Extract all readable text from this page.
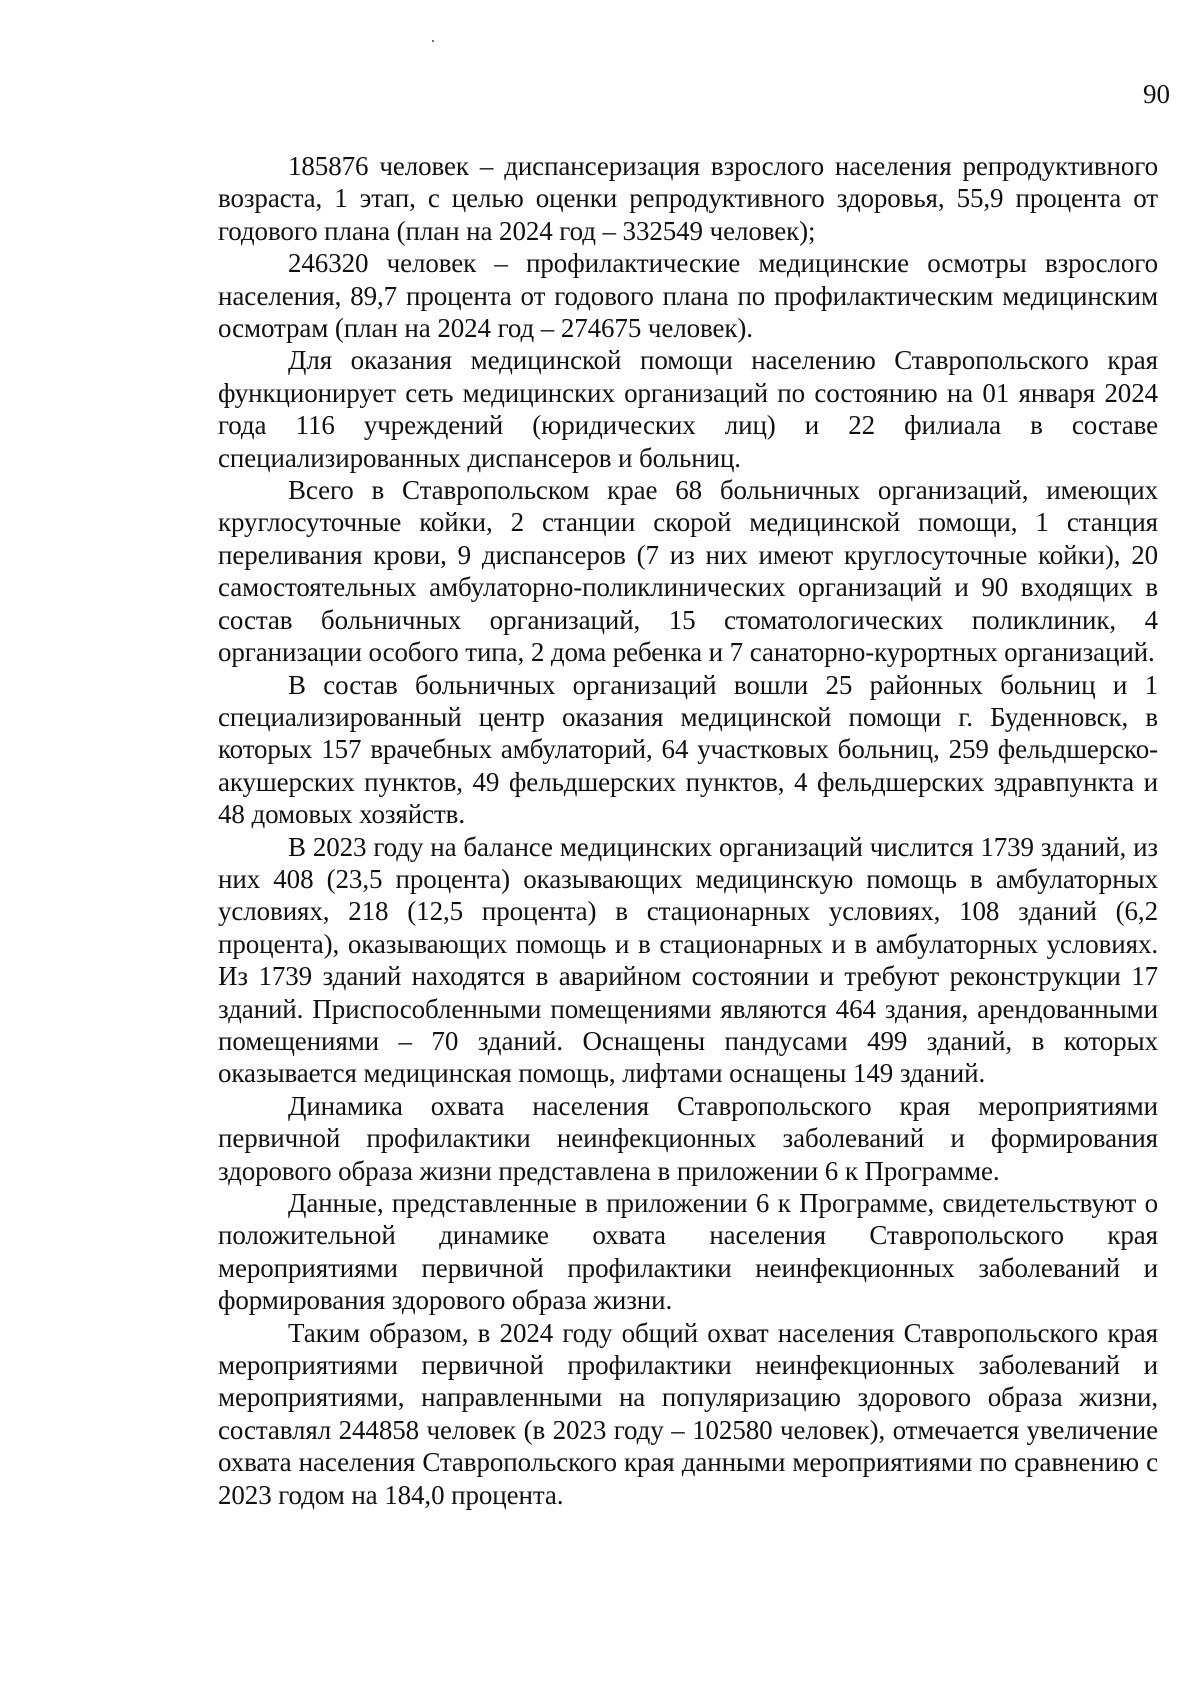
90

185876 человек – диспансеризация взрослого населения репродуктивного возраста, 1 этап, с целью оценки репродуктивного здоровья, 55,9 процента от годового плана (план на 2024 год – 332549 человек);

246320 человек – профилактические медицинские осмотры взрослого населения, 89,7 процента от годового плана по профилактическим медицинским осмотрам (план на 2024 год – 274675 человек).

Для оказания медицинской помощи населению Ставропольского края функционирует сеть медицинских организаций по состоянию на 01 января 2024 года 116 учреждений (юридических лиц) и 22 филиала в составе специализированных диспансеров и больниц.

Всего в Ставропольском крае 68 больничных организаций, имеющих круглосуточные койки, 2 станции скорой медицинской помощи, 1 станция переливания крови, 9 диспансеров (7 из них имеют круглосуточные койки), 20 самостоятельных амбулаторно-поликлинических организаций и 90 входящих в состав больничных организаций, 15 стоматологических поликлиник, 4 организации особого типа, 2 дома ребенка и 7 санаторно-курортных организаций.

В состав больничных организаций вошли 25 районных больниц и 1 специализированный центр оказания медицинской помощи г. Буденновск, в которых 157 врачебных амбулаторий, 64 участковых больниц, 259 фельдшерско-акушерских пунктов, 49 фельдшерских пунктов, 4 фельдшерских здравпункта и 48 домовых хозяйств.

В 2023 году на балансе медицинских организаций числится 1739 зданий, из них 408 (23,5 процента) оказывающих медицинскую помощь в амбулаторных условиях, 218 (12,5 процента) в стационарных условиях, 108 зданий (6,2 процента), оказывающих помощь и в стационарных и в амбулаторных условиях. Из 1739 зданий находятся в аварийном состоянии и требуют реконструкции 17 зданий. Приспособленными помещениями являются 464 здания, арендованными помещениями – 70 зданий. Оснащены пандусами 499 зданий, в которых оказывается медицинская помощь, лифтами оснащены 149 зданий.

Динамика охвата населения Ставропольского края мероприятиями первичной профилактики неинфекционных заболеваний и формирования здорового образа жизни представлена в приложении 6 к Программе.

Данные, представленные в приложении 6 к Программе, свидетельствуют о положительной динамике охвата населения Ставропольского края мероприятиями первичной профилактики неинфекционных заболеваний и формирования здорового образа жизни.

Таким образом, в 2024 году общий охват населения Ставропольского края мероприятиями первичной профилактики неинфекционных заболеваний и мероприятиями, направленными на популяризацию здорового образа жизни, составлял 244858 человек (в 2023 году – 102580 человек), отмечается увеличение охвата населения Ставропольского края данными мероприятиями по сравнению с 2023 годом на 184,0 процента.
